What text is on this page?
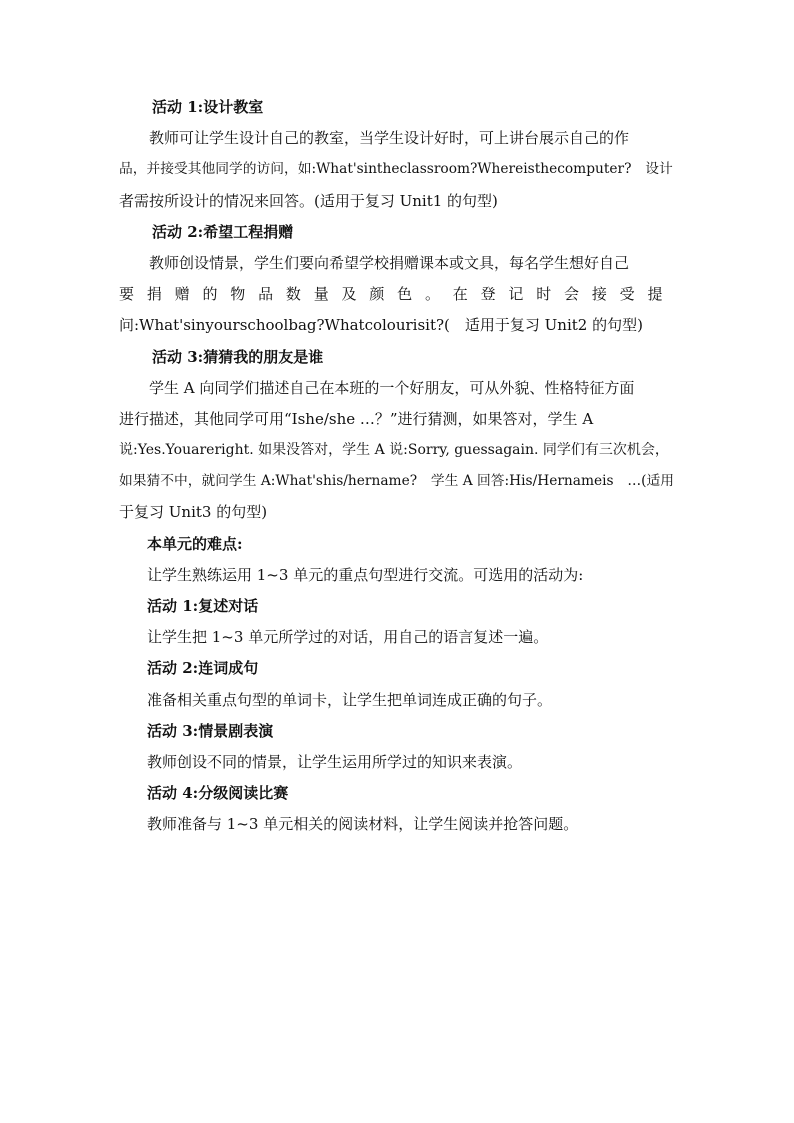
活动 1:设计教室
教师可让学生设计自己的教室，当学生设计好时，可上讲台展示自己的作
品，并接受其他同学的访问，如:What'sintheclassroom?Whereisthecomputer?　设计
者需按所设计的情况来回答。(适用于复习 Unit1 的句型)
活动 2:希望工程捐赠
教师创设情景，学生们要向希望学校捐赠课本或文具，每名学生想好自己
要捐赠的物品数量及颜色。在登记时会接受提
问:What'sinyourschoolbag?Whatcolourisit?(　适用于复习 Unit2 的句型)
活动 3:猜猜我的朋友是谁
学生 A 向同学们描述自己在本班的一个好朋友，可从外貌、性格特征方面
进行描述，其他同学可用“Ishe/she …？”进行猜测，如果答对，学生 A
说:Yes.Youareright. 如果没答对，学生 A 说:Sorry, guessagain. 同学们有三次机会，
如果猜不中，就问学生 A:What'shis/hername?　学生 A 回答:His/Hernameis　…(适用
于复习 Unit3 的句型)
本单元的难点:
让学生熟练运用 1~3 单元的重点句型进行交流。可选用的活动为:
活动 1:复述对话
让学生把 1~3 单元所学过的对话，用自己的语言复述一遍。
活动 2:连词成句
准备相关重点句型的单词卡，让学生把单词连成正确的句子。
活动 3:情景剧表演
教师创设不同的情景，让学生运用所学过的知识来表演。
活动 4:分级阅读比赛
教师准备与 1~3 单元相关的阅读材料，让学生阅读并抢答问题。
